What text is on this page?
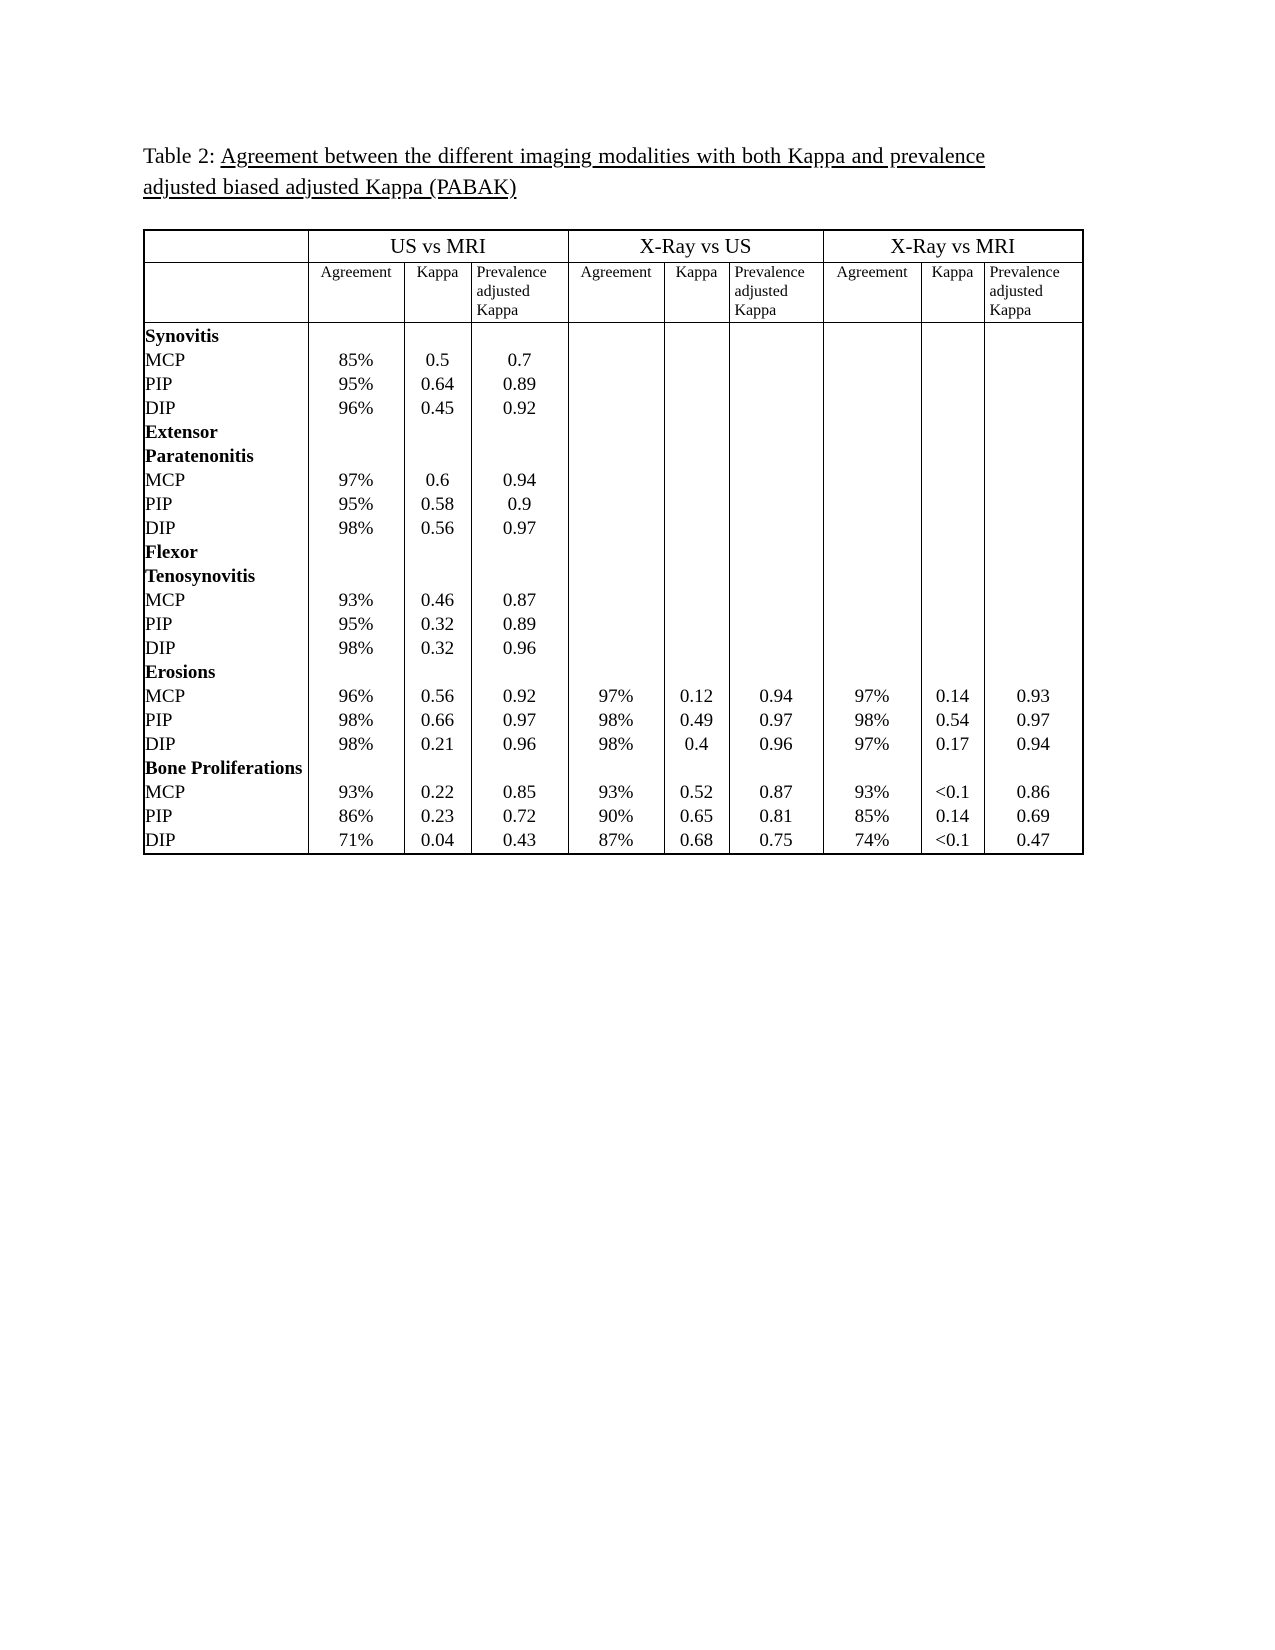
Table 2: Agreement between the different imaging modalities with both Kappa and prevalence
adjusted biased adjusted Kappa (PABAK)

	US vs MRI			X-Ray vs US			X-Ray vs MRI		
	Agreement	Kappa	Prevalence adjusted Kappa	Agreement	Kappa	Prevalence adjusted Kappa	Agreement	Kappa	Prevalence adjusted Kappa
Synovitis									
MCP	85%	0.5	0.7						
PIP	95%	0.64	0.89						
DIP	96%	0.45	0.92						
Extensor Paratenonitis									
MCP	97%	0.6	0.94						
PIP	95%	0.58	0.9						
DIP	98%	0.56	0.97						
Flexor Tenosynovitis									
MCP	93%	0.46	0.87						
PIP	95%	0.32	0.89						
DIP	98%	0.32	0.96						
Erosions									
MCP	96%	0.56	0.92	97%	0.12	0.94	97%	0.14	0.93
PIP	98%	0.66	0.97	98%	0.49	0.97	98%	0.54	0.97
DIP	98%	0.21	0.96	98%	0.4	0.96	97%	0.17	0.94
Bone Proliferations									
MCP	93%	0.22	0.85	93%	0.52	0.87	93%	<0.1	0.86
PIP	86%	0.23	0.72	90%	0.65	0.81	85%	0.14	0.69
DIP	71%	0.04	0.43	87%	0.68	0.75	74%	<0.1	0.47
